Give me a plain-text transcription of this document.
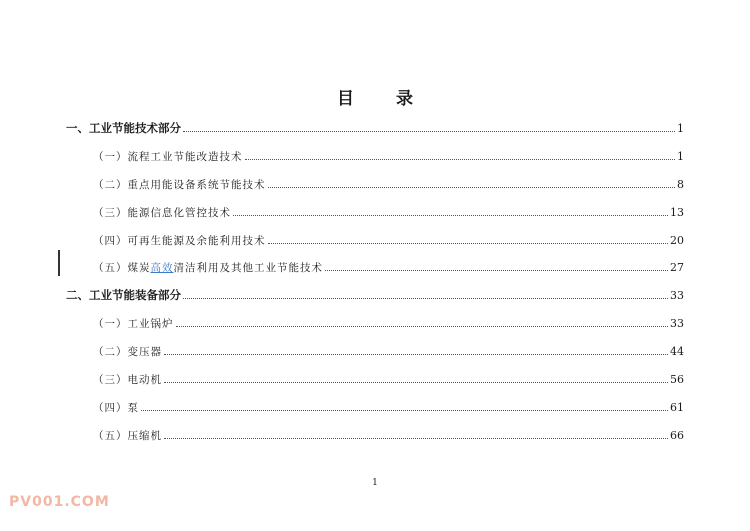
目 录
一、工业节能技术部分	1
（一）流程工业节能改造技术	1
（二）重点用能设备系统节能技术	8
（三）能源信息化管控技术	13
（四）可再生能源及余能利用技术	20
（五）煤炭高效清洁利用及其他工业节能技术	27
二、工业节能装备部分	33
（一）工业锅炉	33
（二）变压器	44
（三）电动机	56
（四）泵	61
（五）压缩机	66
1
PV001.COM
